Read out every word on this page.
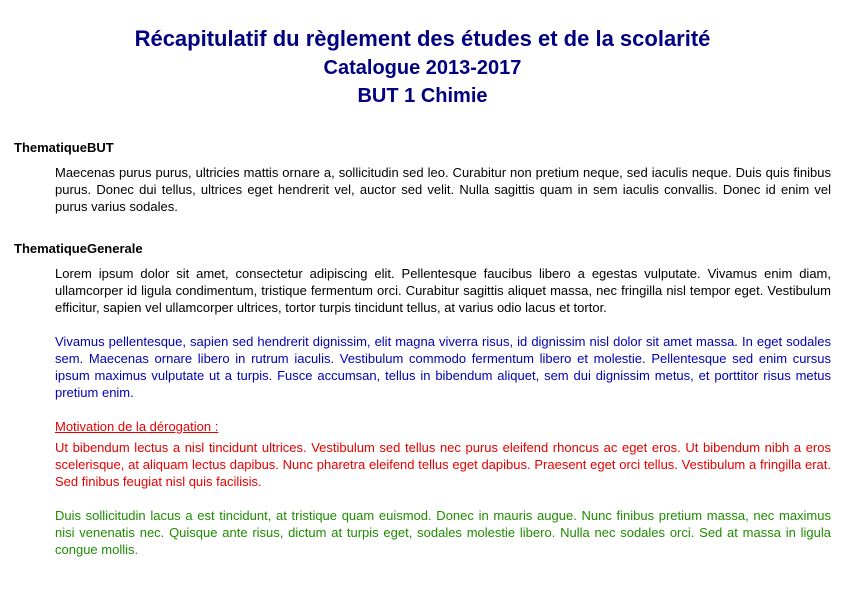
Récapitulatif du règlement des études et de la scolarité
Catalogue 2013-2017
BUT 1 Chimie

ThematiqueBUT

Maecenas purus purus, ultricies mattis ornare a, sollicitudin sed leo. Curabitur non pretium neque, sed iaculis neque. Duis quis finibus purus. Donec dui tellus, ultrices eget hendrerit vel, auctor sed velit. Nulla sagittis quam in sem iaculis convallis. Donec id enim vel purus varius sodales.

ThematiqueGenerale

Lorem ipsum dolor sit amet, consectetur adipiscing elit. Pellentesque faucibus libero a egestas vulputate. Vivamus enim diam, ullamcorper id ligula condimentum, tristique fermentum orci. Curabitur sagittis aliquet massa, nec fringilla nisl tempor eget. Vestibulum efficitur, sapien vel ullamcorper ultrices, tortor turpis tincidunt tellus, at varius odio lacus et tortor.

Vivamus pellentesque, sapien sed hendrerit dignissim, elit magna viverra risus, id dignissim nisl dolor sit amet massa. In eget sodales sem. Maecenas ornare libero in rutrum iaculis. Vestibulum commodo fermentum libero et molestie. Pellentesque sed enim cursus ipsum maximus vulputate ut a turpis. Fusce accumsan, tellus in bibendum aliquet, sem dui dignissim metus, et porttitor risus metus pretium enim.

Motivation de la dérogation :

Ut bibendum lectus a nisl tincidunt ultrices. Vestibulum sed tellus nec purus eleifend rhoncus ac eget eros. Ut bibendum nibh a eros scelerisque, at aliquam lectus dapibus. Nunc pharetra eleifend tellus eget dapibus. Praesent eget orci tellus. Vestibulum a fringilla erat. Sed finibus feugiat nisl quis facilisis.

Duis sollicitudin lacus a est tincidunt, at tristique quam euismod. Donec in mauris augue. Nunc finibus pretium massa, nec maximus nisi venenatis nec. Quisque ante risus, dictum at turpis eget, sodales molestie libero. Nulla nec sodales orci. Sed at massa in ligula congue mollis.
